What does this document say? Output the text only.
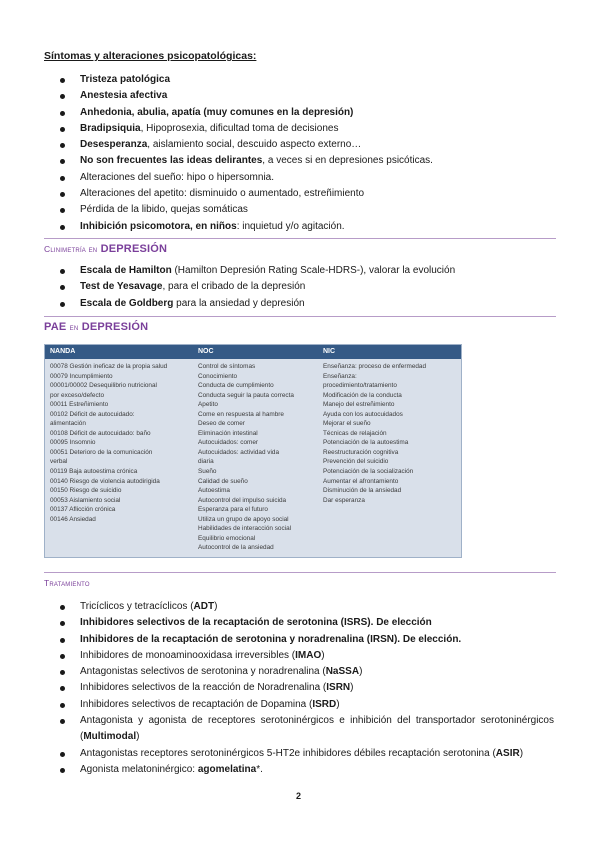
Síntomas y alteraciones psicopatológicas:
Tristeza patológica
Anestesia afectiva
Anhedonia, abulia, apatía (muy comunes en la depresión)
Bradipsiquia, Hipoprosexia, dificultad toma de decisiones
Desesperanza, aislamiento social, descuido aspecto externo…
No son frecuentes las ideas delirantes, a veces si en depresiones psicóticas.
Alteraciones del sueño: hipo o hipersomnia.
Alteraciones del apetito: disminuido o aumentado, estreñimiento
Pérdida de la libido, quejas somáticas
Inhibición psicomotora, en niños: inquietud y/o agitación.
Clinimetría en DEPRESIÓN
Escala de Hamilton (Hamilton Depresión Rating Scale-HDRS-), valorar la evolución
Test de Yesavage, para el cribado de la depresión
Escala de Goldberg para la ansiedad y depresión
PAE en DEPRESIÓN
NANDA	NOC	NIC
00078 Gestión ineficaz de la propia salud
00079 Incumplimiento
00001/00002 Desequilibrio nutricional
por exceso/defecto
00011 Estreñimiento
00102 Déficit de autocuidado:
alimentación
00108 Déficit de autocuidado: baño
00095 Insomnio
00051 Deterioro de la comunicación
verbal
00119 Baja autoestima crónica
00140 Riesgo de violencia autodirigida
00150 Riesgo de suicidio
00053 Aislamiento social
00137 Aflicción crónica
00146 Ansiedad
Control de síntomas
Conocimiento
Conducta de cumplimiento
Conducta seguir la pauta correcta
Apetito
Come en respuesta al hambre
Deseo de comer
Eliminación intestinal
Autocuidados: comer
Autocuidados: actividad vida
diaria
Sueño
Calidad de sueño
Autoestima
Autocontrol del impulso suicida
Esperanza para el futuro
Utiliza un grupo de apoyo social
Habilidades de interacción social
Equilibrio emocional
Autocontrol de la ansiedad
Enseñanza: proceso de enfermedad
Enseñanza:
procedimiento/tratamiento
Modificación de la conducta
Manejo del estreñimiento
Ayuda con los autocuidados
Mejorar el sueño
Técnicas de relajación
Potenciación de la autoestima
Reestructuración cognitiva
Prevención del suicidio
Potenciación de la socialización
Aumentar el afrontamiento
Disminución de la ansiedad
Dar esperanza
Tratamiento
Tricíclicos y tetracíclicos (ADT)
Inhibidores selectivos de la recaptación de serotonina (ISRS). De elección
Inhibidores de la recaptación de serotonina y noradrenalina (IRSN). De elección.
Inhibidores de monoaminooxidasa irreversibles (IMAO)
Antagonistas selectivos de serotonina y noradrenalina (NaSSA)
Inhibidores selectivos de la reacción de Noradrenalina (ISRN)
Inhibidores selectivos de recaptación de Dopamina (ISRD)
Antagonista y agonista de receptores serotoninérgicos e inhibición del transportador serotoninérgicos
(Multimodal)
Antagonistas receptores serotoninérgicos 5-HT2e inhibidores débiles recaptación serotonina (ASIR)
Agonista melatoninérgico: agomelatina*.
2
